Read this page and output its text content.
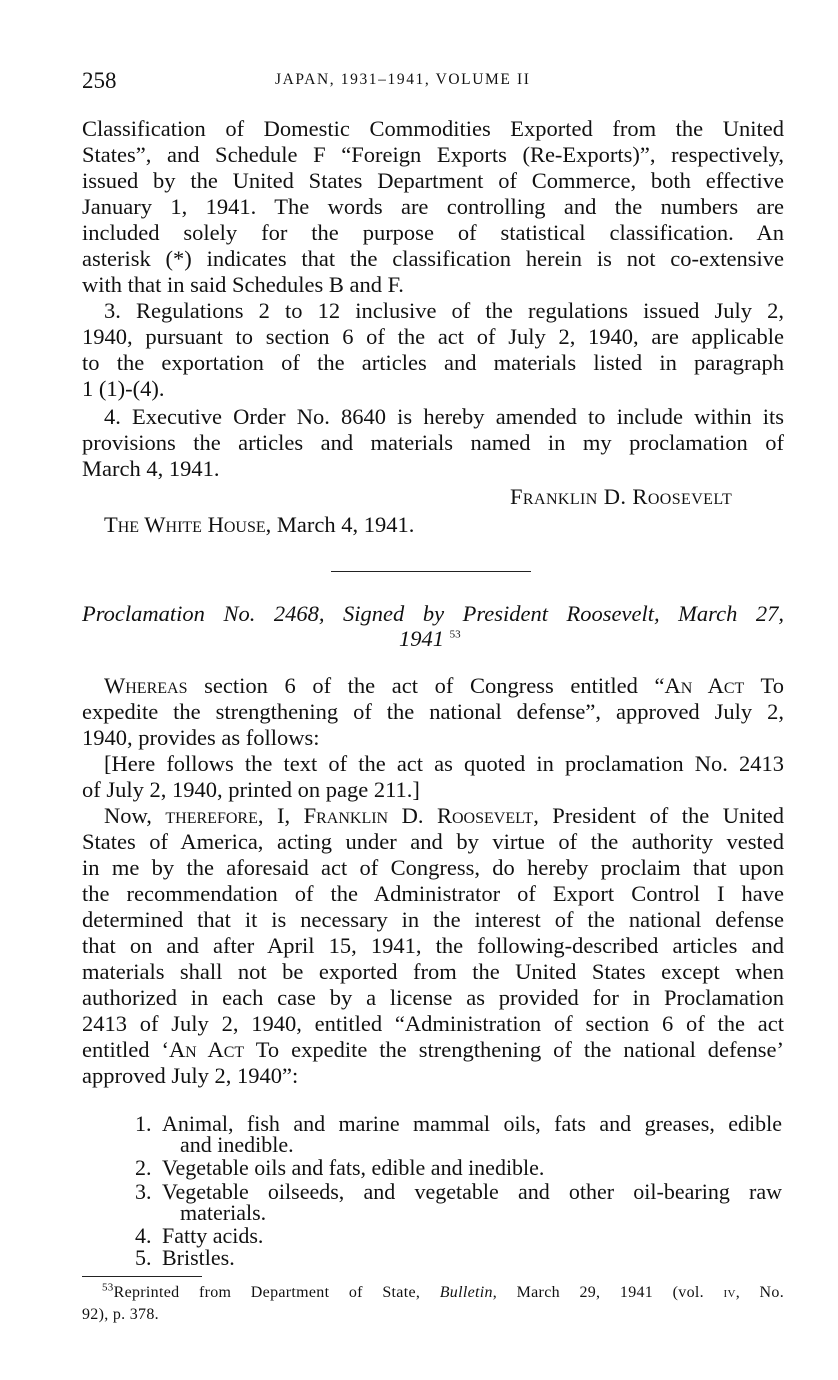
258	JAPAN, 1931–1941, VOLUME II
Classification of Domestic Commodities Exported from the United
States”, and Schedule F “Foreign Exports (Re-Exports)”, respectively,
issued by the United States Department of Commerce, both effective
January 1, 1941. The words are controlling and the numbers are
included solely for the purpose of statistical classification. An
asterisk (*) indicates that the classification herein is not co-extensive
with that in said Schedules B and F.
3. Regulations 2 to 12 inclusive of the regulations issued July 2,
1940, pursuant to section 6 of the act of July 2, 1940, are applicable
to the exportation of the articles and materials listed in paragraph
1 (1)-(4).
4. Executive Order No. 8640 is hereby amended to include within its
provisions the articles and materials named in my proclamation of
March 4, 1941.
Franklin D. Roosevelt
The White House, March 4, 1941.
Proclamation No. 2468, Signed by President Roosevelt, March 27,
1941 $^{53}$
Whereas section 6 of the act of Congress entitled “An Act To
expedite the strengthening of the national defense”, approved July 2,
1940, provides as follows:
[Here follows the text of the act as quoted in proclamation No. 2413
of July 2, 1940, printed on page 211.]
Now, therefore, I, Franklin D. Roosevelt, President of the United
States of America, acting under and by virtue of the authority vested
in me by the aforesaid act of Congress, do hereby proclaim that upon
the recommendation of the Administrator of Export Control I have
determined that it is necessary in the interest of the national defense
that on and after April 15, 1941, the following-described articles and
materials shall not be exported from the United States except when
authorized in each case by a license as provided for in Proclamation
2413 of July 2, 1940, entitled “Administration of section 6 of the act
entitled ‘An Act To expedite the strengthening of the national defense’
approved July 2, 1940”:
1. Animal, fish and marine mammal oils, fats and greases, edible
and inedible.
2. Vegetable oils and fats, edible and inedible.
3. Vegetable oilseeds, and vegetable and other oil-bearing raw
materials.
4. Fatty acids.
5. Bristles.
$^{53}$Reprinted from Department of State, Bulletin, March 29, 1941 (vol. iv, No.
92), p. 378.
